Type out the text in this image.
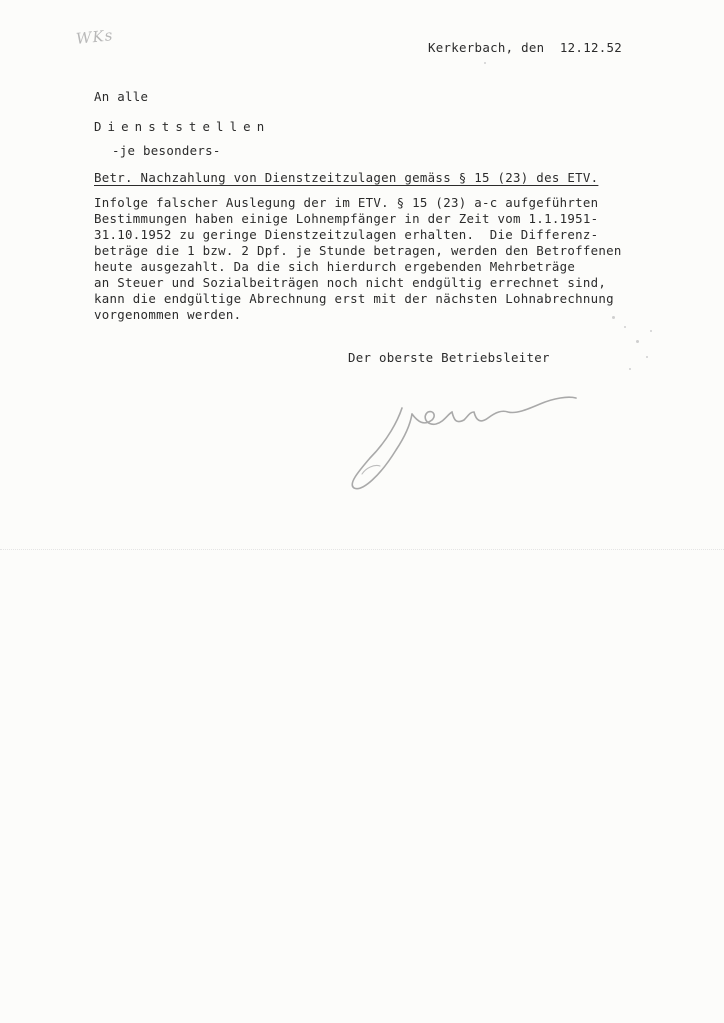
WKs	Kerkerbach, den  12.12.52
An alle
Dienststellen
-je besonders-
Betr. Nachzahlung von Dienstzeitzulagen gemäss § 15 (23) des ETV.
Infolge falscher Auslegung der im ETV. § 15 (23) a-c aufgeführten
Bestimmungen haben einige Lohnempfänger in der Zeit vom 1.1.1951-
31.10.1952 zu geringe Dienstzeitzulagen erhalten.  Die Differenz-
beträge die 1 bzw. 2 Dpf. je Stunde betragen, werden den Betroffenen
heute ausgezahlt. Da die sich hierdurch ergebenden Mehrbeträge
an Steuer und Sozialbeiträgen noch nicht endgültig errechnet sind,
kann die endgültige Abrechnung erst mit der nächsten Lohnabrechnung
vorgenommen werden.
Der oberste Betriebsleiter
